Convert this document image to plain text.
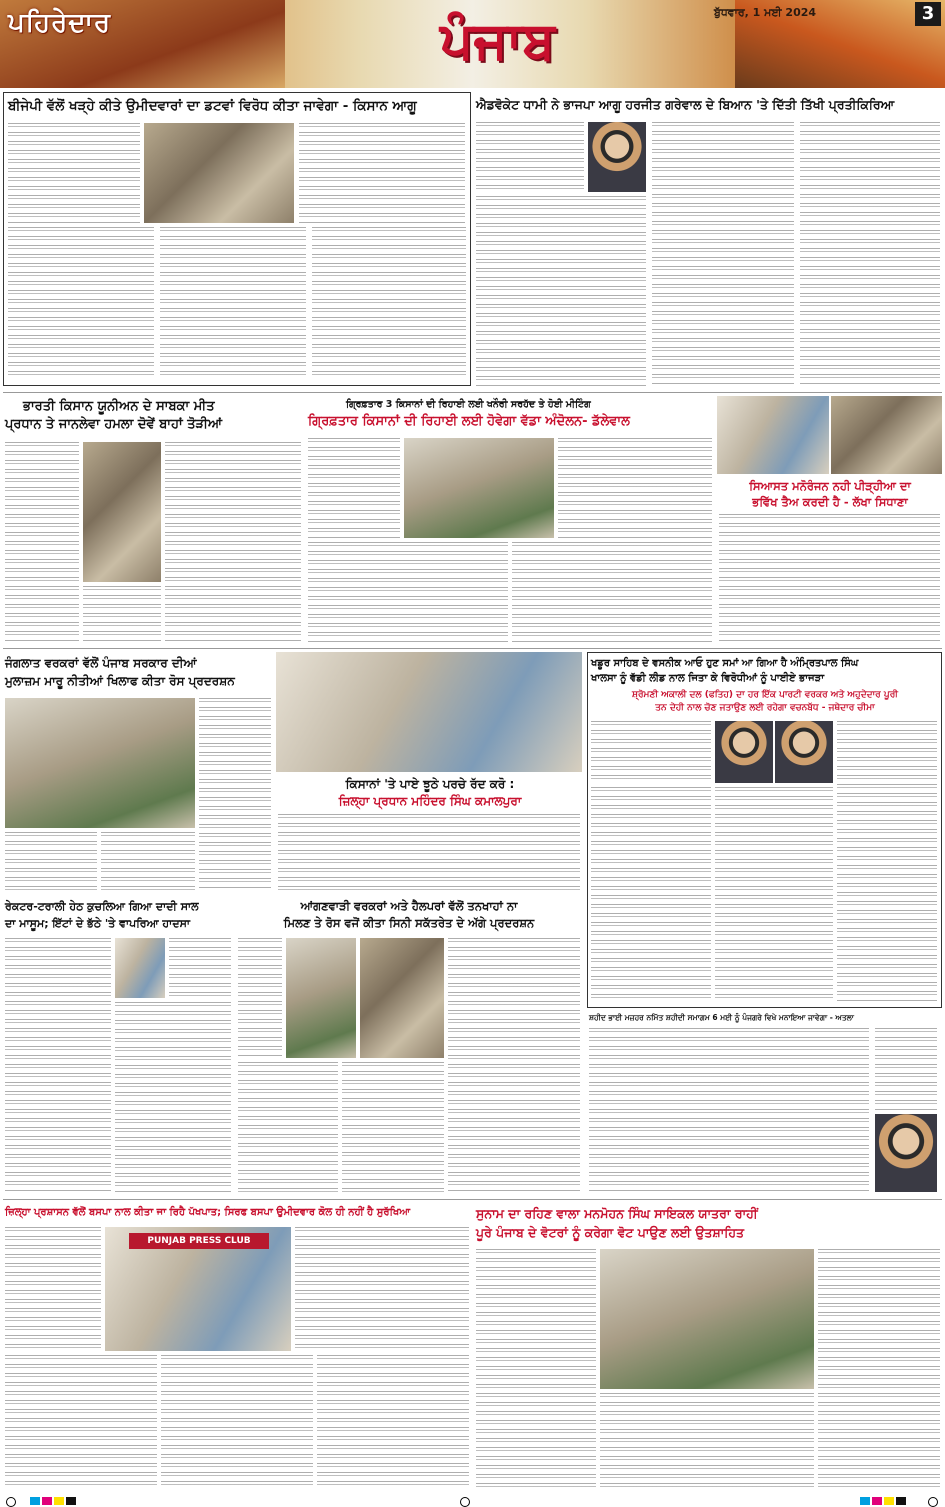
ਪਹਿਰੇਦਾਰ	ਪੰਜਾਬ	ਬੁੱਧਵਾਰ, 1 ਮਈ 2024	3
ਬੀਜੇਪੀ ਵੱਲੋਂ ਖੜ੍ਹੇ ਕੀਤੇ ਉਮੀਦਵਾਰਾਂ ਦਾ ਡਟਵਾਂ ਵਿਰੋਧ ਕੀਤਾ ਜਾਵੇਗਾ - ਕਿਸਾਨ ਆਗੂ	ਐਡਵੋਕੇਟ ਧਾਮੀ ਨੇ ਭਾਜਪਾ ਆਗੂ ਹਰਜੀਤ ਗਰੇਵਾਲ ਦੇ ਬਿਆਨ 'ਤੇ ਦਿੱਤੀ ਤਿੱਖੀ ਪ੍ਰਤੀਕਿਰਿਆ
ਭਾਰਤੀ ਕਿਸਾਨ ਯੂਨੀਅਨ ਦੇ ਸਾਬਕਾ ਮੀਤ
ਪ੍ਰਧਾਨ ਤੇ ਜਾਨਲੇਵਾ ਹਮਲਾ ਦੋਵੇਂ ਬਾਹਾਂ ਤੋੜੀਆਂ
ਗ੍ਰਿਫ਼ਤਾਰ 3 ਕਿਸਾਨਾਂ ਦੀ ਰਿਹਾਈ ਲਈ ਖਨੌਰੀ ਸਰਹੱਦ ਤੇ ਹੋਈ ਮੀਟਿੰਗ
ਗ੍ਰਿਫ਼ਤਾਰ ਕਿਸਾਨਾਂ ਦੀ ਰਿਹਾਈ ਲਈ ਹੋਵੇਗਾ ਵੱਡਾ ਅੰਦੋਲਨ- ਡੱਲੇਵਾਲ
ਸਿਆਸਤ ਮਨੋਰੰਜਨ ਨਹੀ ਪੀੜ੍ਹੀਆ ਦਾ
ਭਵਿੱਖ ਤੈਅ ਕਰਦੀ ਹੈ - ਲੱਖਾ ਸਿਧਾਣਾ
ਜੰਗਲਾਤ ਵਰਕਰਾਂ ਵੱਲੋਂ ਪੰਜਾਬ ਸਰਕਾਰ ਦੀਆਂ
ਮੁਲਾਜ਼ਮ ਮਾਰੂ ਨੀਤੀਆਂ ਖਿਲਾਫ ਕੀਤਾ ਰੋਸ ਪ੍ਰਦਰਸ਼ਨ
ਕਿਸਾਨਾਂ 'ਤੇ ਪਾਏ ਝੂਠੇ ਪਰਚੇ ਰੱਦ ਕਰੋ :
ਜ਼ਿਲ੍ਹਾ ਪ੍ਰਧਾਨ ਮਹਿੰਦਰ ਸਿੰਘ ਕਮਾਲਪੁਰਾ
ਖਡੂਰ ਸਾਹਿਬ ਦੇ ਵਸਨੀਕ ਆਓ ਹੁਣ ਸਮਾਂ ਆ ਗਿਆ ਹੈ ਅੰਮ੍ਰਿਤਪਾਲ ਸਿੰਘ
ਖਾਲਸਾ ਨੂੰ ਵੱਡੀ ਲੀਡ ਨਾਲ ਜਿਤਾ ਕੇ ਵਿਰੋਧੀਆਂ ਨੂੰ ਪਾਈਏ ਭਾਜੜਾ
ਸ਼੍ਰੋਮਣੀ ਅਕਾਲੀ ਦਲ (ਫਤਿਹ) ਦਾ ਹਰ ਇੱਕ ਪਾਰਟੀ ਵਰਕਰ ਅਤੇ ਅਹੁਦੇਦਾਰ ਪੂਰੀ
ਤਨ ਦੇਹੀ ਨਾਲ ਚੋਣ ਜਤਾਉਣ ਲਈ ਰਹੇਗਾ ਵਚਨਬੱਧ - ਜਥੇਦਾਰ ਚੀਮਾ
ਰੇਕਟਰ-ਟਰਾਲੀ ਹੇਠ ਕੁਚਲਿਆ ਗਿਆ ਦਾਦੀ ਸਾਲ
ਦਾ ਮਾਸੂਮ; ਇੱਟਾਂ ਦੇ ਭੱਠੇ 'ਤੇ ਵਾਪਰਿਆ ਹਾਦਸਾ
ਆਂਗਣਵਾੜੀ ਵਰਕਰਾਂ ਅਤੇ ਹੈਲਪਰਾਂ ਵੱਲੋਂ ਤਨਖਾਹਾਂ ਨਾ
ਮਿਲਣ ਤੇ ਰੋਸ ਵਜੋਂ ਕੀਤਾ ਸਿਨੀ ਸਕੱਤਰੇਤ ਦੇ ਅੱਗੇ ਪ੍ਰਦਰਸ਼ਨ
ਸ਼ਹੀਦ ਭਾਈ ਮਜ਼ਹਰ ਨਮਿੱਤ ਸ਼ਹੀਦੀ ਸਮਾਗਮ 6 ਮਈ ਨੂੰ ਪੰਜਗਰੇ ਵਿਖੇ ਮਨਾਇਆ ਜਾਵੇਗਾ - ਅਤਲਾ
ਜ਼ਿਲ੍ਹਾ ਪ੍ਰਸ਼ਾਸਨ ਵੱਲੋਂ ਬਸਪਾ ਨਾਲ ਕੀਤਾ ਜਾ ਰਿਹੈ ਪੱਖਪਾਤ; ਸਿਰਫ ਬਸਪਾ ਉਮੀਦਵਾਰ ਕੋਲ ਹੀ ਨਹੀਂ ਹੈ ਸੁਰੱਖਿਆ
PUNJAB PRESS CLUB
ਸੁਨਾਮ ਦਾ ਰਹਿਣ ਵਾਲਾ ਮਨਮੋਹਨ ਸਿੰਘ ਸਾਇਕਲ ਯਾਤਰਾ ਰਾਹੀਂ
ਪੂਰੇ ਪੰਜਾਬ ਦੇ ਵੋਟਰਾਂ ਨੂੰ ਕਰੇਗਾ ਵੋਟ ਪਾਉਣ ਲਈ ਉਤਸ਼ਾਹਿਤ
